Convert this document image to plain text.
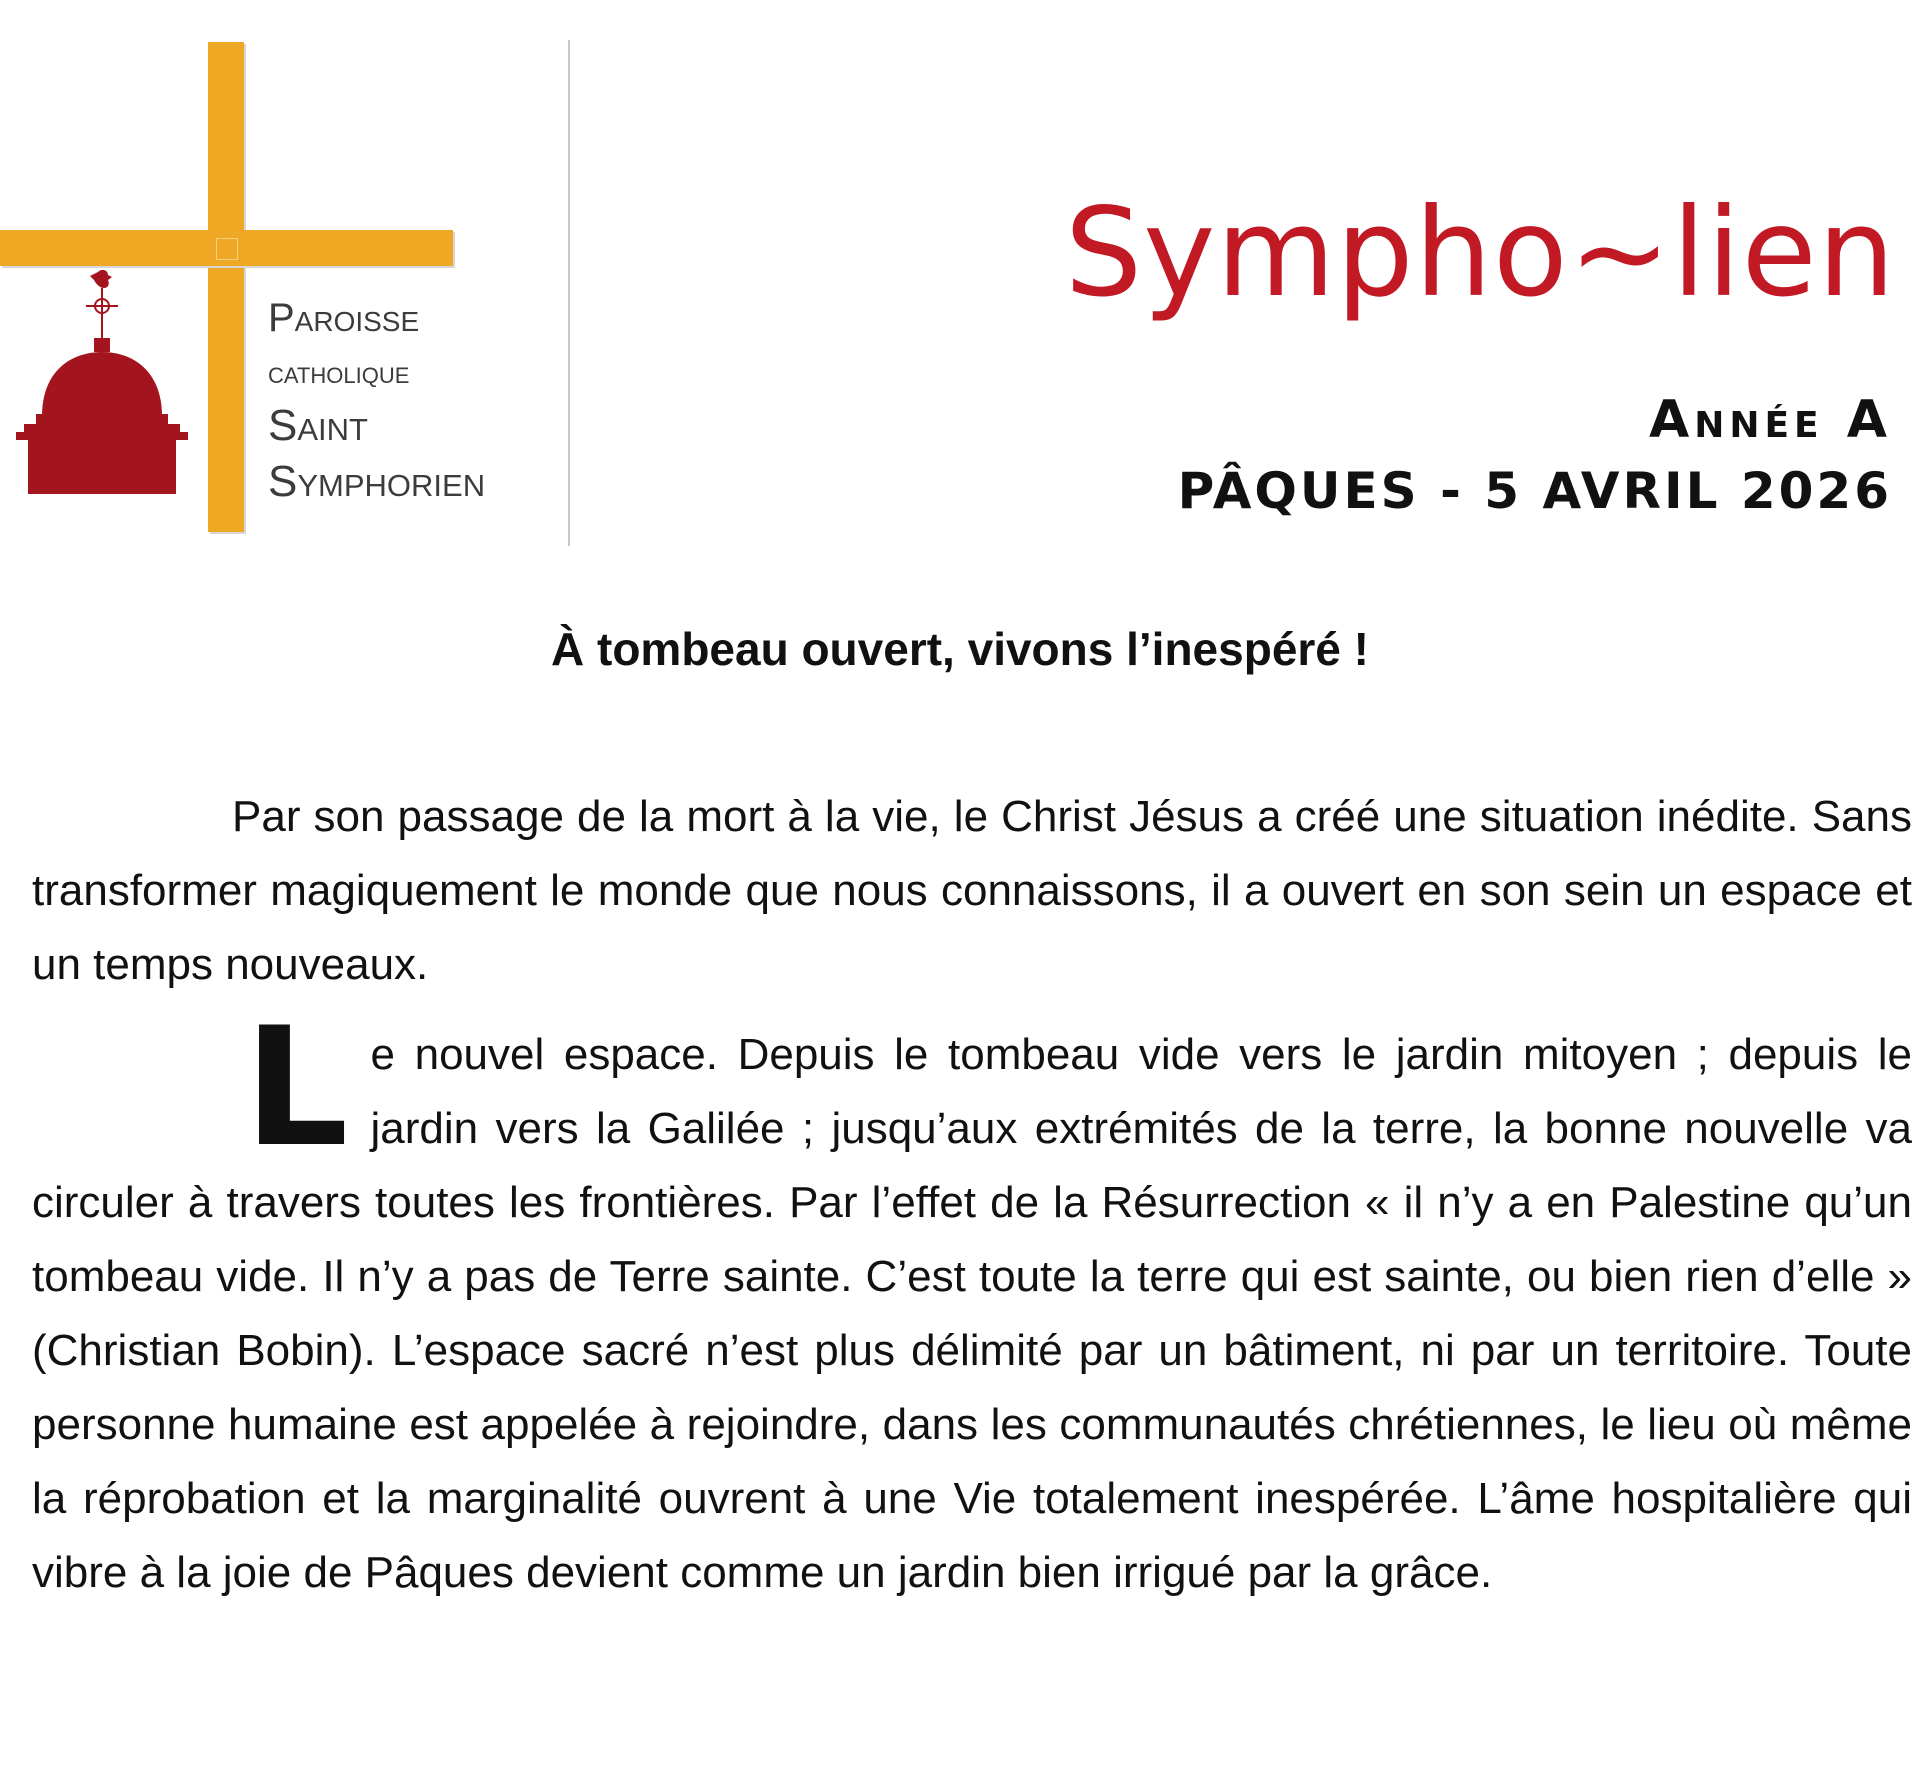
Paroisse
catholique
Saint
Symphorien
Sympho~lien
Année A
PÂQUES - 5 AVRIL 2026
À tombeau ouvert, vivons l’inespéré !

Par son passage de la mort à la vie, le Christ Jésus a créé une situation inédite. Sans transformer magiquement le monde que nous connaissons, il a ouvert en son sein un espace et un temps nouveaux.

Le nouvel espace. Depuis le tombeau vide vers le jardin mitoyen ; depuis le jardin vers la Galilée ; jusqu’aux extrémités de la terre, la bonne nouvelle va circuler à travers toutes les frontières. Par l’effet de la Résurrection « il n’y a en Palestine qu’un tombeau vide. Il n’y a pas de Terre sainte. C’est toute la terre qui est sainte, ou bien rien d’elle » (Christian Bobin). L’espace sacré n’est plus délimité par un bâtiment, ni par un territoire. Toute personne humaine est appelée à rejoindre, dans les communautés chrétiennes, le lieu où même la réprobation et la marginalité ouvrent à une Vie totalement inespérée. L’âme hospitalière qui vibre à la joie de Pâques devient comme un jardin bien irrigué par la grâce.
